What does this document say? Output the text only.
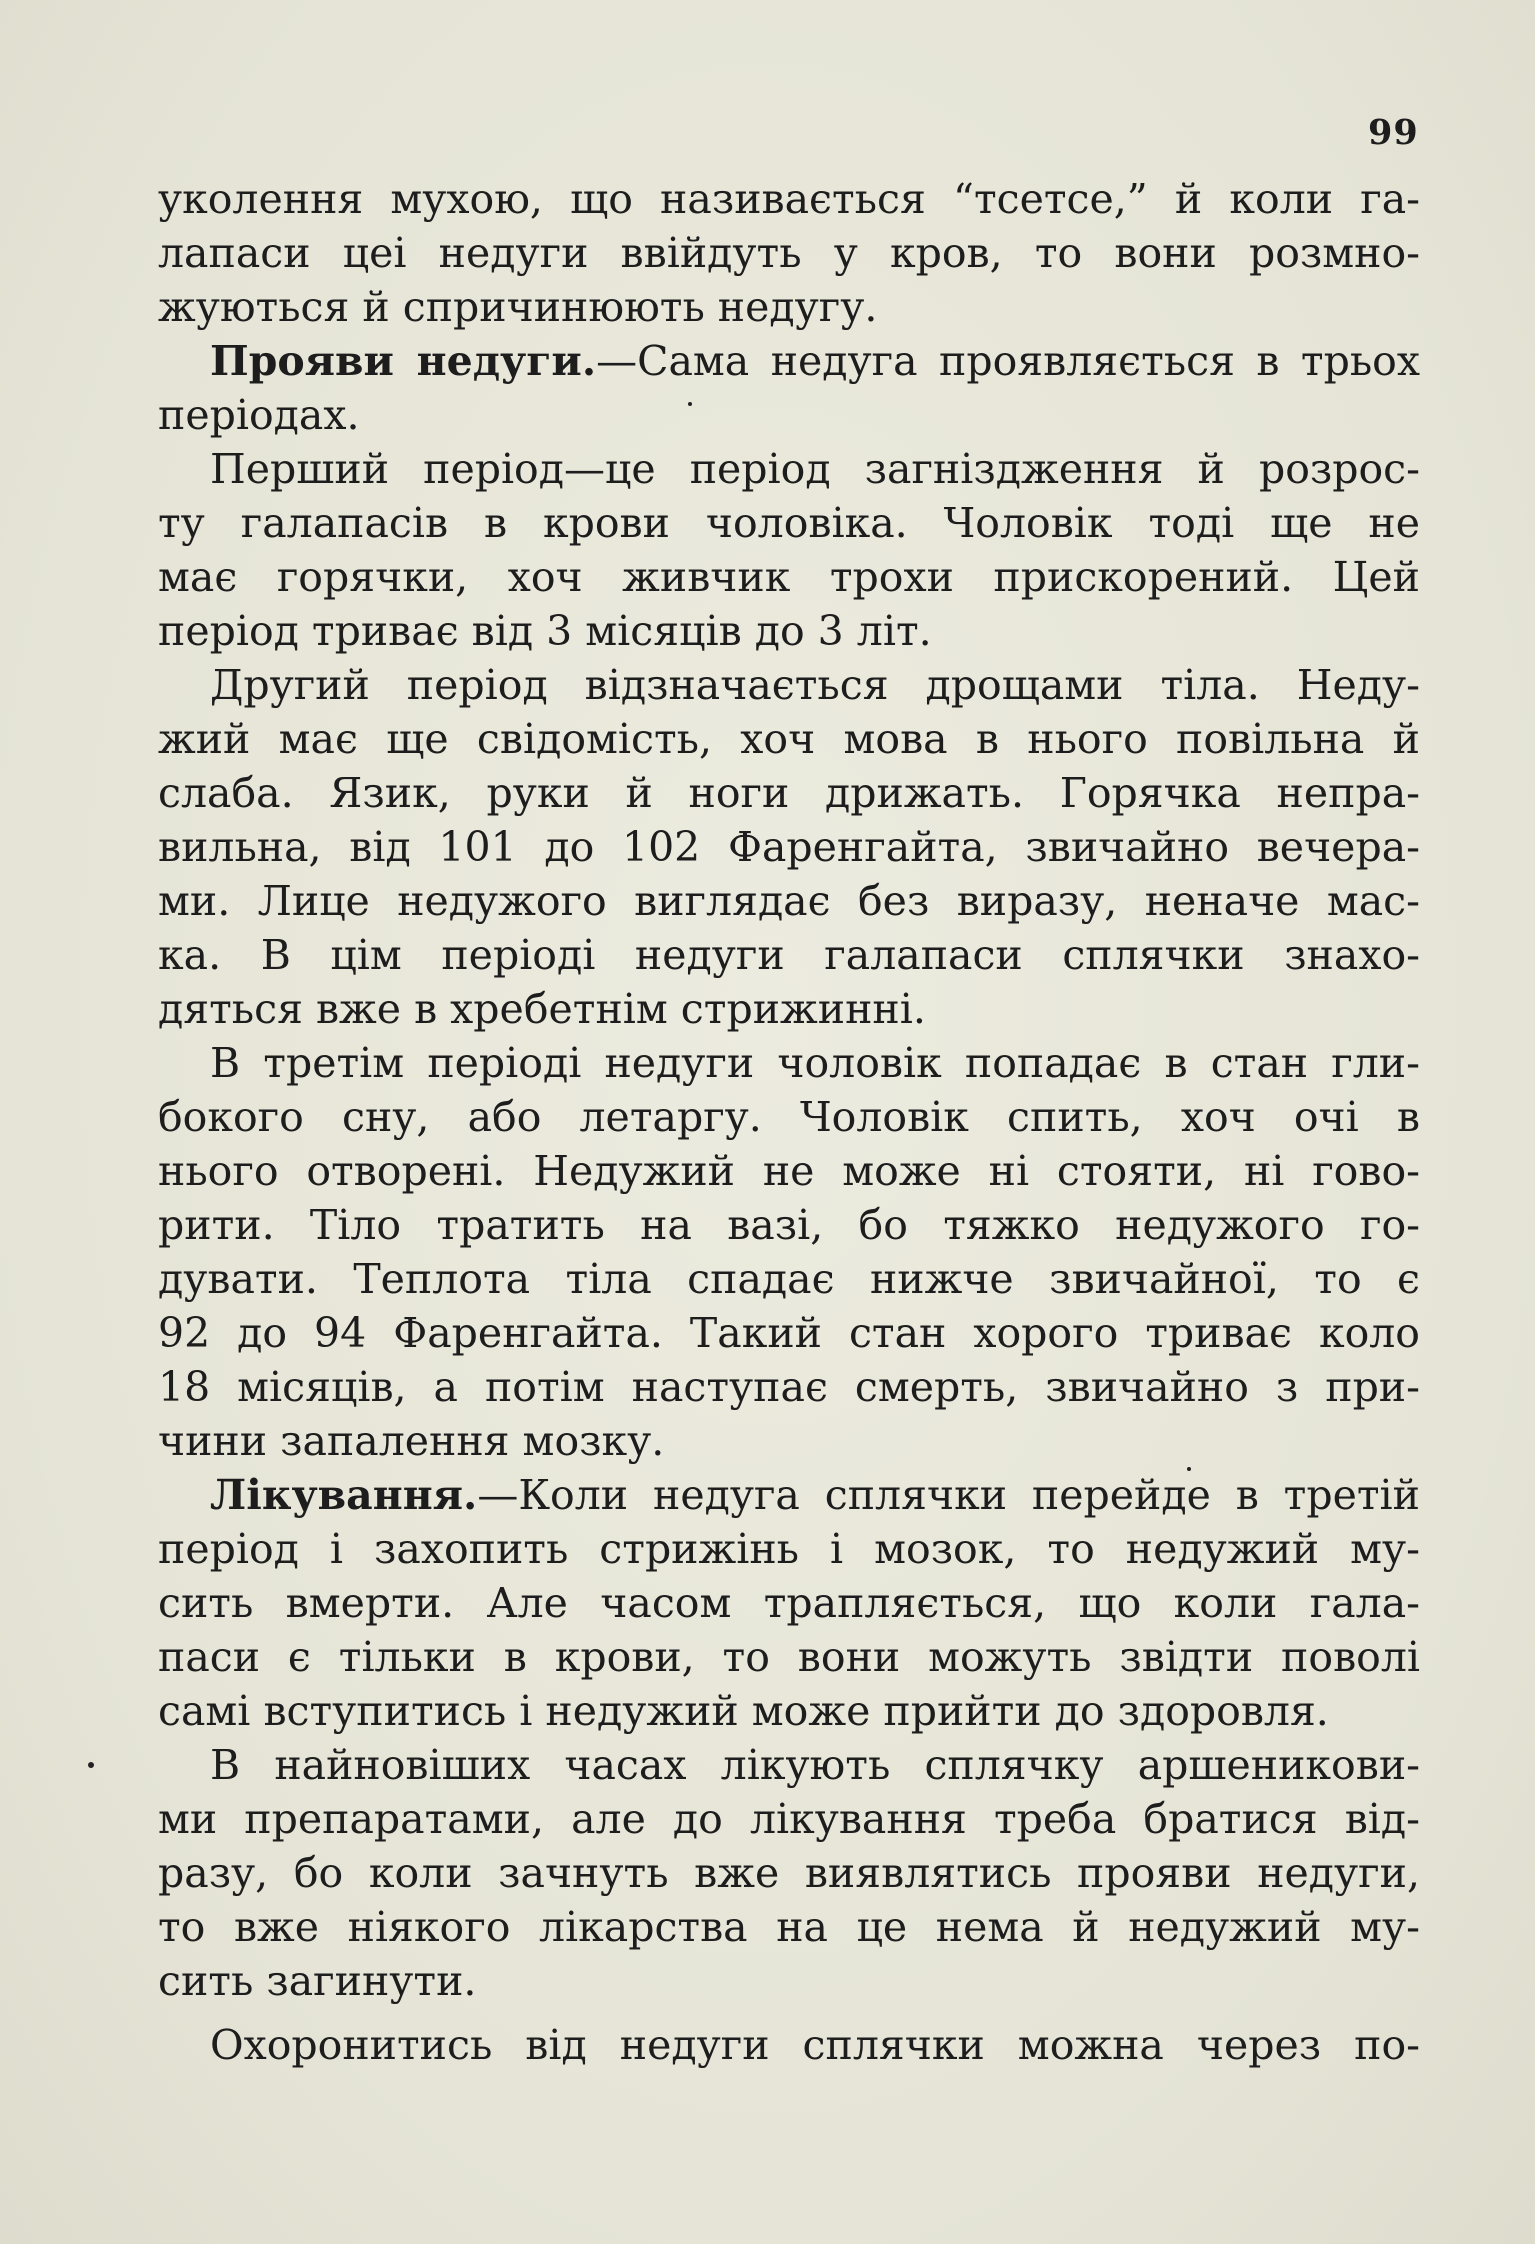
99

уколення мухою, що називається “тсетсе,” й коли га-
лапаси цеі недуги ввійдуть у кров, то вони розмно-
жуються й спричинюють недугу.

Прояви недуги.—Сама недуга проявляється в трьох
періодах.

Перший період—це період загніздження й розрос-
ту галапасів в крови чоловіка. Чоловік тоді ще не
має горячки, хоч живчик трохи прискорений. Цей
період триває від 3 місяців до 3 літ.

Другий період відзначається дрощами тіла. Неду-
жий має ще свідомість, хоч мова в нього повільна й
слаба. Язик, руки й ноги дрижать. Горячка непра-
вильна, від 101 до 102 Фаренгайта, звичайно вечера-
ми. Лице недужого виглядає без виразу, неначе мас-
ка. В цім періоді недуги галапаси сплячки знахо-
дяться вже в хребетнім стрижинні.

В третім періоді недуги чоловік попадає в стан гли-
бокого сну, або летаргу. Чоловік спить, хоч очі в
нього отворені. Недужий не може ні стояти, ні гово-
рити. Тіло тратить на вазі, бо тяжко недужого го-
дувати. Теплота тіла спадає нижче звичайної, то є
92 до 94 Фаренгайта. Такий стан хорого триває коло
18 місяців, а потім наступає смерть, звичайно з при-
чини запалення мозку.

Лікування.—Коли недуга сплячки перейде в третій
період і захопить стрижінь і мозок, то недужий му-
сить вмерти. Але часом трапляється, що коли гала-
паси є тільки в крови, то вони можуть звідти поволі
самі вступитись і недужий може прийти до здоровля.

В найновіших часах лікують сплячку аршеникови-
ми препаратами, але до лікування треба братися від-
разу, бо коли зачнуть вже виявлятись прояви недуги,
то вже ніякого лікарства на це нема й недужий му-
сить загинути.

Охоронитись від недуги сплячки можна через по-
